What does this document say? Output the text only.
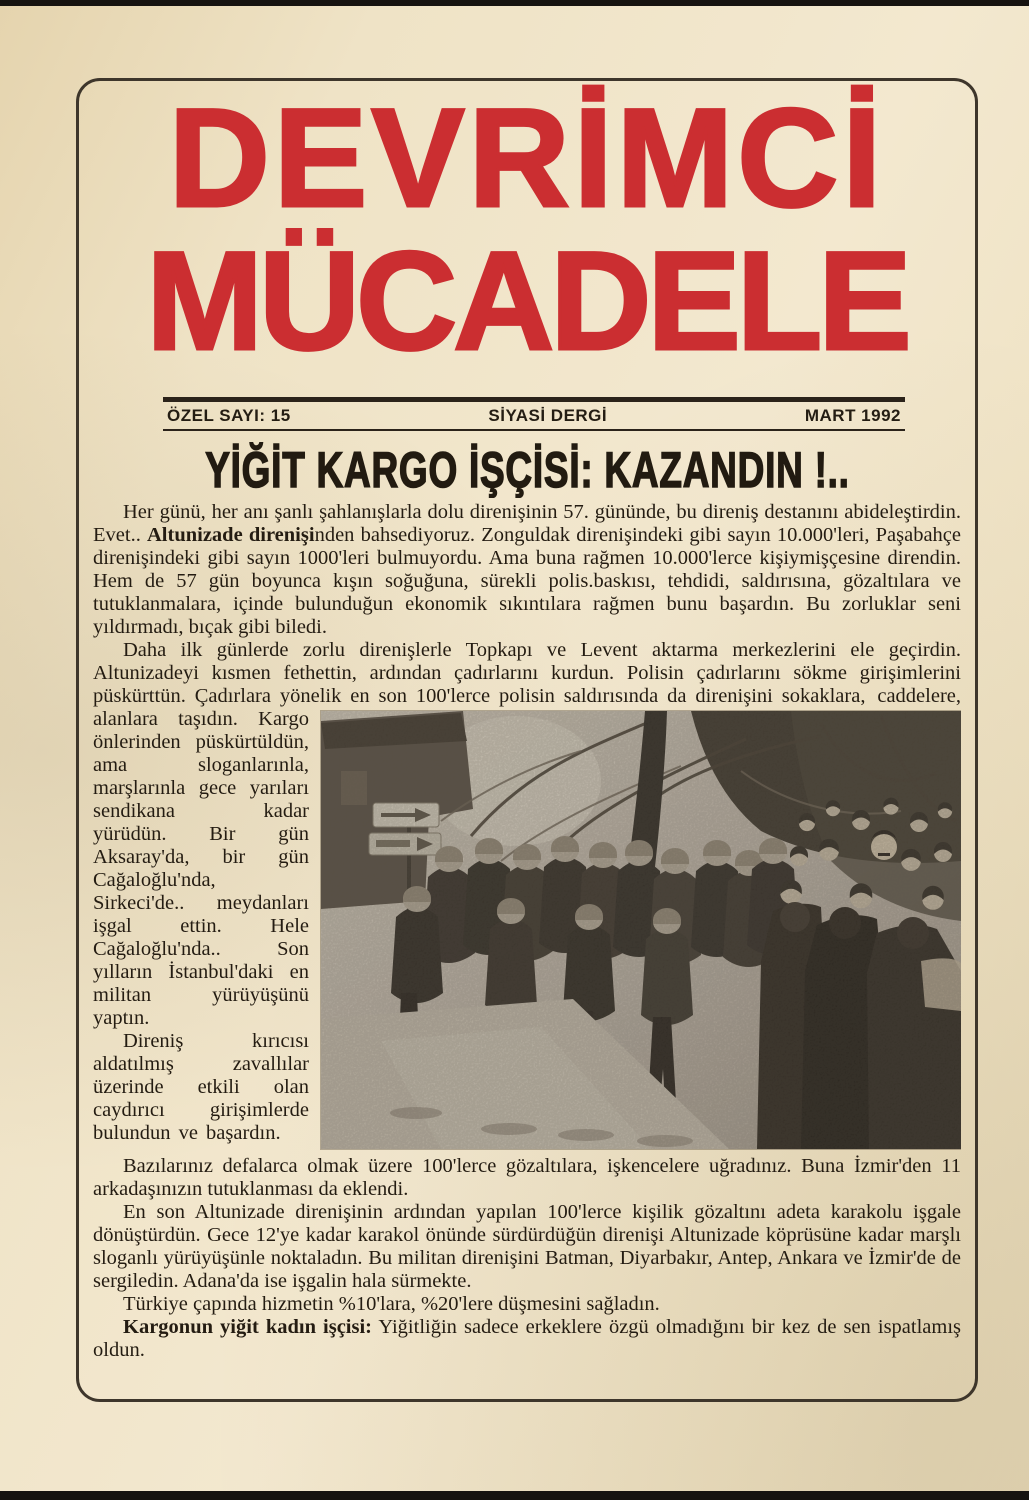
DEVRİMCİ
MÜCADELE
ÖZEL SAYI: 15	SİYASİ DERGİ	MART 1992
YİĞİT KARGO İŞÇİSİ: KAZANDIN !..

Her günü, her anı şanlı şahlanışlarla dolu direnişinin 57. gününde, bu direniş destanını abideleştirdin. Evet.. Altunizade direnişinden bahsediyoruz. Zonguldak direnişindeki gibi sayın 10.000'leri, Paşabahçe direnişindeki gibi sayın 1000'leri bulmuyordu. Ama buna rağmen 10.000'lerce kişiymişçesine direndin. Hem de 57 gün boyunca kışın soğuğuna, sürekli polis.baskısı, tehdidi, saldırısına, gözaltılara ve tutuklanmalara, içinde bulunduğun ekonomik sıkıntılara rağmen bunu başardın. Bu zorluklar seni yıldırmadı, bıçak gibi biledi.

Daha ilk günlerde zorlu direnişlerle Topkapı ve Levent aktarma merkezlerini ele geçirdin. Altunizadeyi kısmen fethettin, ardından çadırlarını kurdun. Polisin çadırlarını sökme girişimlerini püskürttün. Çadırlara yönelik en son 100'lerce polisin saldırısında da direnişini
sokaklara, caddelere, alanlara taşıdın. Kargo önlerinden püskürtüldün, ama sloganlarınla, marşlarınla gece yarıları sendikana kadar yürüdün. Bir gün Aksaray'da, bir gün Cağaloğlu'nda, Sirkeci'de.. meydanları işgal ettin. Hele Cağaloğlu'nda.. Son yılların İstanbul'daki en militan yürüyüşünü yaptın.

Direniş kırıcısı aldatılmış zavallılar üzerinde etkili olan caydırıcı girişimlerde bulundun ve başardın.

Bazılarınız defalarca olmak üzere 100'lerce gözaltılara, işkencelere uğradınız. Buna İzmir'den 11 arkadaşınızın tutuklanması da eklendi.

En son Altunizade direnişinin ardından yapılan 100'lerce kişilik gözaltını adeta karakolu işgale dönüştürdün. Gece 12'ye kadar karakol önünde sürdürdüğün direnişi Altunizade köprüsüne kadar marşlı sloganlı yürüyüşünle noktaladın. Bu militan direnişini Batman, Diyarbakır, Antep, Ankara ve İzmir'de de sergiledin. Adana'da ise işgalin hala sürmekte.

Türkiye çapında hizmetin %10'lara, %20'lere düşmesini sağladın.

Kargonun yiğit kadın işçisi: Yiğitliğin sadece erkeklere özgü olmadığını bir kez de sen ispatlamış oldun.
